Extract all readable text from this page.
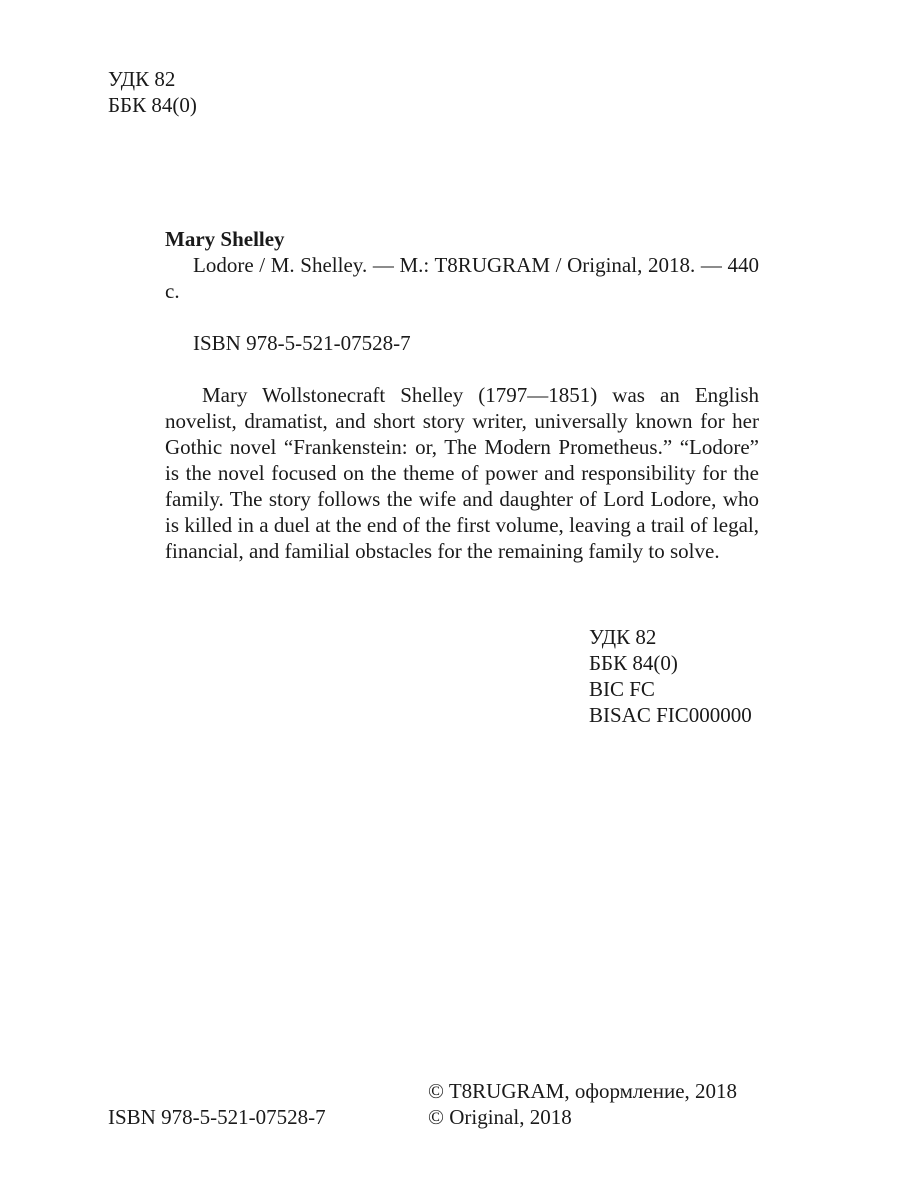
УДК 82
ББК 84(0)
Mary Shelley
Lodore / M. Shelley. — M.: T8RUGRAM / Original, 2018. — 440 с.
ISBN 978-5-521-07528-7
Mary Wollstonecraft Shelley (1797—1851) was an English novelist, dramatist, and short story writer, universally known for her Gothic novel “Frankenstein: or, The Modern Prometheus.” “Lodore” is the novel focused on the theme of power and responsibility for the family. The story follows the wife and daughter of Lord Lodore, who is killed in a duel at the end of the first volume, leaving a trail of legal, financial, and familial obstacles for the remaining family to solve.
УДК 82
ББК 84(0)
BIC FC
BISAC FIC000000
ISBN 978-5-521-07528-7
© T8RUGRAM, оформление, 2018
© Original, 2018
